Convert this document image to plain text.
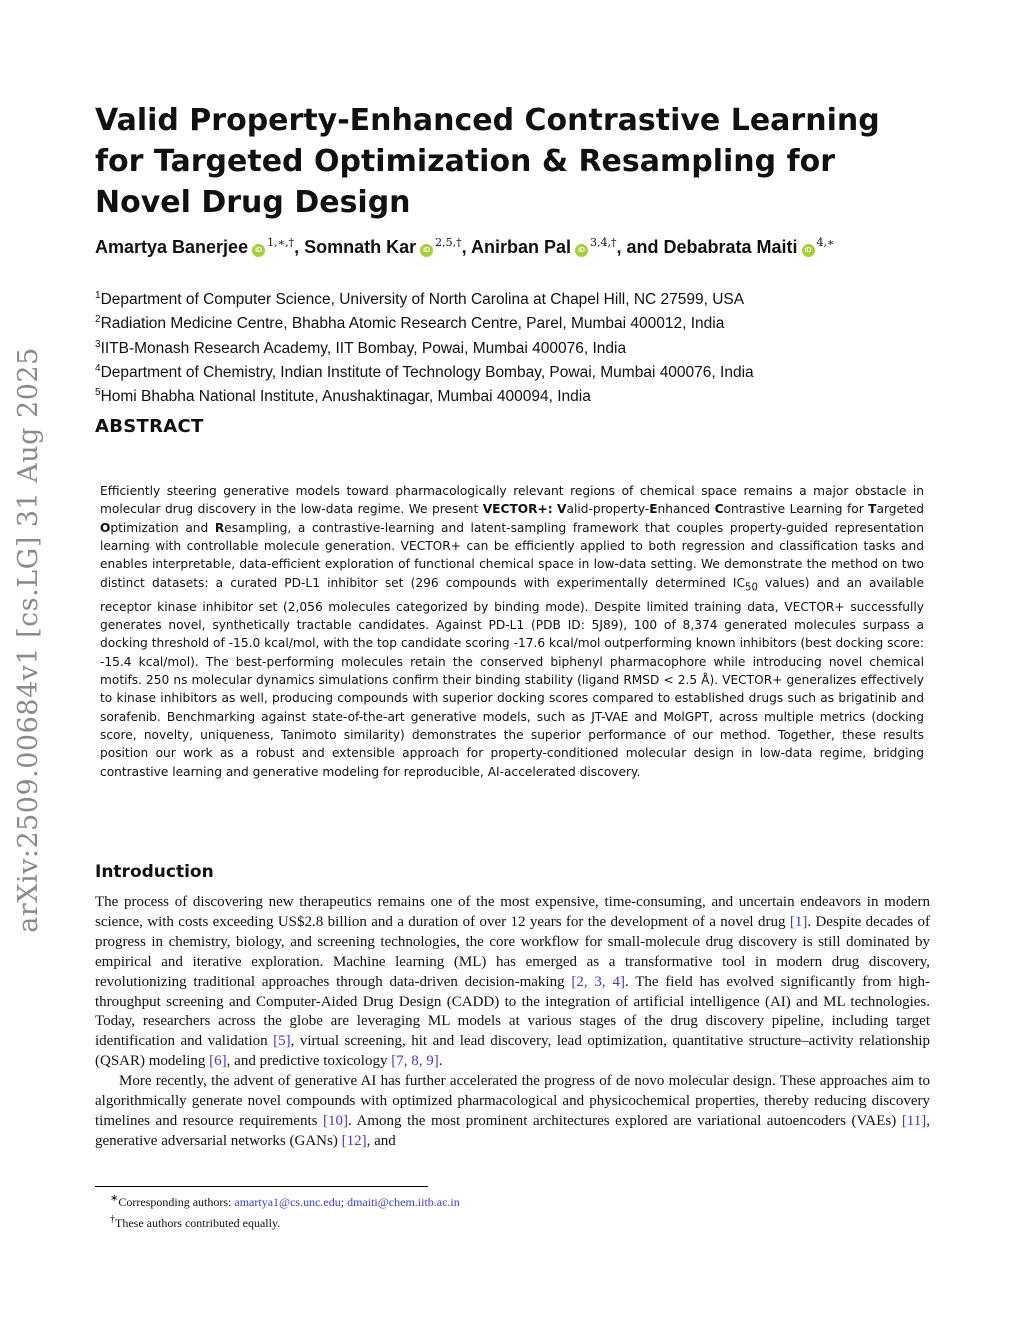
arXiv:2509.00684v1 [cs.LG] 31 Aug 2025
Valid Property-Enhanced Contrastive Learning for Targeted Optimization & Resampling for Novel Drug Design
Amartya Banerjee $iD^{1,∗,\dagger}$, Somnath Kar $iD^{2,5,\dagger}$, Anirban Pal $iD^{3,4,\dagger}$, and Debabrata Maiti $iD^{4,∗}$
$^1$Department of Computer Science, University of North Carolina at Chapel Hill, NC 27599, USA
$^2$Radiation Medicine Centre, Bhabha Atomic Research Centre, Parel, Mumbai 400012, India
$^3$IITB-Monash Research Academy, IIT Bombay, Powai, Mumbai 400076, India
$^4$Department of Chemistry, Indian Institute of Technology Bombay, Powai, Mumbai 400076, India
$^5$Homi Bhabha National Institute, Anushaktinagar, Mumbai 400094, India
ABSTRACT
Efficiently steering generative models toward pharmacologically relevant regions of chemical space remains a major obstacle in molecular drug discovery in the low-data regime. We present VECTOR+: Valid-property-Enhanced Contrastive Learning for Targeted Optimization and Resampling, a contrastive-learning and latent-sampling framework that couples property-guided representation learning with controllable molecule generation. VECTOR+ can be efficiently applied to both regression and classification tasks and enables interpretable, data-efficient exploration of functional chemical space in low-data setting. We demonstrate the method on two distinct datasets: a curated PD-L1 inhibitor set (296 compounds with experimentally determined $IC_{50}$ values) and an available receptor kinase inhibitor set (2,056 molecules categorized by binding mode). Despite limited training data, VECTOR+ successfully generates novel, synthetically tractable candidates. Against PD-L1 (PDB ID: 5J89), 100 of 8,374 generated molecules surpass a docking threshold of -15.0 kcal/mol, with the top candidate scoring -17.6 kcal/mol outperforming known inhibitors (best docking score: -15.4 kcal/mol). The best-performing molecules retain the conserved biphenyl pharmacophore while introducing novel chemical motifs. 250 ns molecular dynamics simulations confirm their binding stability (ligand RMSD < 2.5 Å). VECTOR+ generalizes effectively to kinase inhibitors as well, producing compounds with superior docking scores compared to established drugs such as brigatinib and sorafenib. Benchmarking against state-of-the-art generative models, such as JT-VAE and MolGPT, across multiple metrics (docking score, novelty, uniqueness, Tanimoto similarity) demonstrates the superior performance of our method. Together, these results position our work as a robust and extensible approach for property-conditioned molecular design in low-data regime, bridging contrastive learning and generative modeling for reproducible, AI-accelerated discovery.
Introduction

The process of discovering new therapeutics remains one of the most expensive, time-consuming, and uncertain endeavors in modern science, with costs exceeding US$2.8 billion and a duration of over 12 years for the development of a novel drug [1]. Despite decades of progress in chemistry, biology, and screening technologies, the core workflow for small-molecule drug discovery is still dominated by empirical and iterative exploration. Machine learning (ML) has emerged as a transformative tool in modern drug discovery, revolutionizing traditional approaches through data-driven decision-making [2, 3, 4]. The field has evolved significantly from high-throughput screening and Computer-Aided Drug Design (CADD) to the integration of artificial intelligence (AI) and ML technologies. Today, researchers across the globe are leveraging ML models at various stages of the drug discovery pipeline, including target identification and validation [5], virtual screening, hit and lead discovery, lead optimization, quantitative structure–activity relationship (QSAR) modeling [6], and predictive toxicology [7, 8, 9].

More recently, the advent of generative AI has further accelerated the progress of de novo molecular design. These approaches aim to algorithmically generate novel compounds with optimized pharmacological and physicochemical properties, thereby reducing discovery timelines and resource requirements [10]. Among the most prominent architectures explored are variational autoencoders (VAEs) [11], generative adversarial networks (GANs) [12], and

∗Corresponding authors: amartya1@cs.unc.edu; dmaiti@chem.iitb.ac.in
†These authors contributed equally.
